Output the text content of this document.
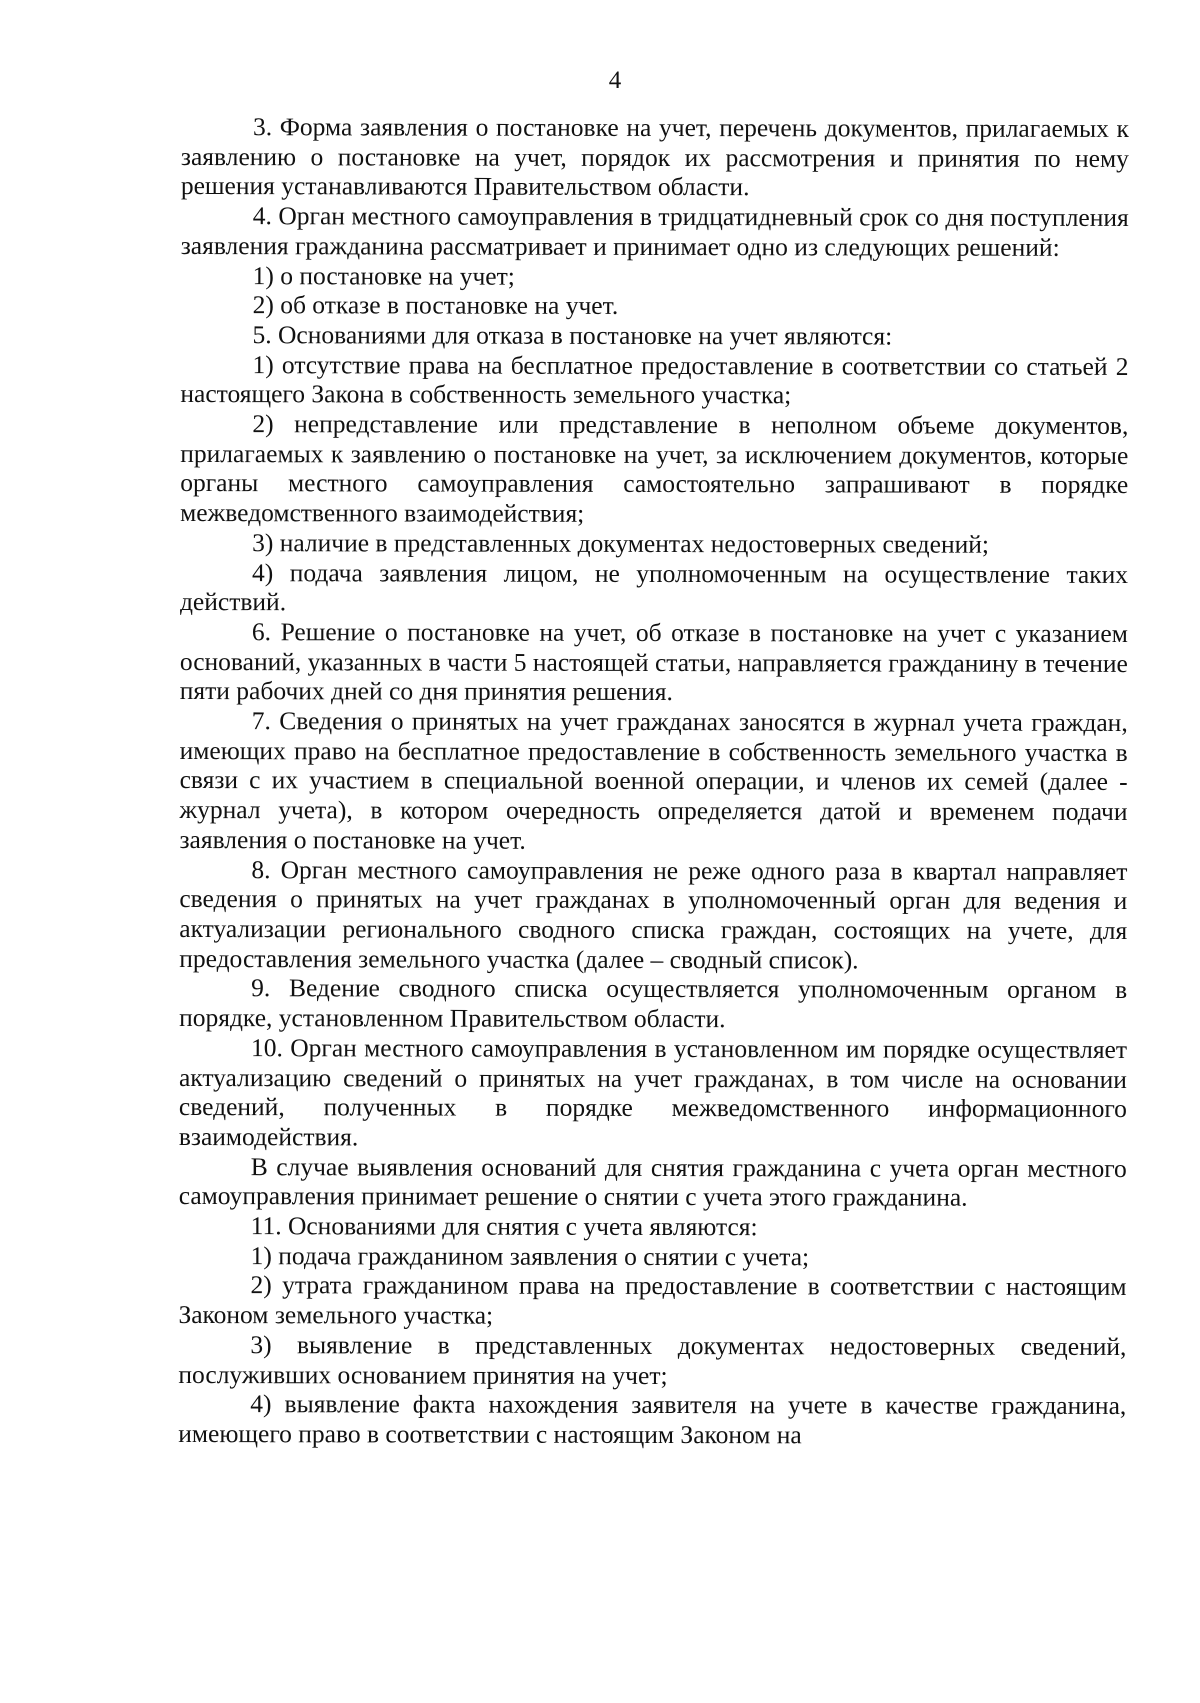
4

3. Форма заявления о постановке на учет, перечень документов, прилагаемых к заявлению о постановке на учет, порядок их рассмотрения и принятия по нему решения устанавливаются Правительством области.

4. Орган местного самоуправления в тридцатидневный срок со дня поступления заявления гражданина рассматривает и принимает одно из следующих решений:

1) о постановке на учет;

2) об отказе в постановке на учет.

5. Основаниями для отказа в постановке на учет являются:

1) отсутствие права на бесплатное предоставление в соответствии со статьей 2 настоящего Закона в собственность земельного участка;

2) непредставление или представление в неполном объеме документов, прилагаемых к заявлению о постановке на учет, за исключением документов, которые органы местного самоуправления самостоятельно запрашивают в порядке межведомственного взаимодействия;

3) наличие в представленных документах недостоверных сведений;

4) подача заявления лицом, не уполномоченным на осуществление таких действий.

6. Решение о постановке на учет, об отказе в постановке на учет с указанием оснований, указанных в части 5 настоящей статьи, направляется гражданину в течение пяти рабочих дней со дня принятия решения.

7. Сведения о принятых на учет гражданах заносятся в журнал учета граждан, имеющих право на бесплатное предоставление в собственность земельного участка в связи с их участием в специальной военной операции, и членов их семей (далее - журнал учета), в котором очередность определяется датой и временем подачи заявления о постановке на учет.

8. Орган местного самоуправления не реже одного раза в квартал направляет сведения о принятых на учет гражданах в уполномоченный орган для ведения и актуализации регионального сводного списка граждан, состоящих на учете, для предоставления земельного участка (далее – сводный список).

9. Ведение сводного списка осуществляется уполномоченным органом в порядке, установленном Правительством области.

10. Орган местного самоуправления в установленном им порядке осуществляет актуализацию сведений о принятых на учет гражданах, в том числе на основании сведений, полученных в порядке межведомственного информационного взаимодействия.

В случае выявления оснований для снятия гражданина с учета орган местного самоуправления принимает решение о снятии с учета этого гражданина.

11. Основаниями для снятия с учета являются:

1) подача гражданином заявления о снятии с учета;

2) утрата гражданином права на предоставление в соответствии с настоящим Законом земельного участка;

3) выявление в представленных документах недостоверных сведений, послуживших основанием принятия на учет;

4) выявление факта нахождения заявителя на учете в качестве гражданина, имеющего право в соответствии с настоящим Законом на
